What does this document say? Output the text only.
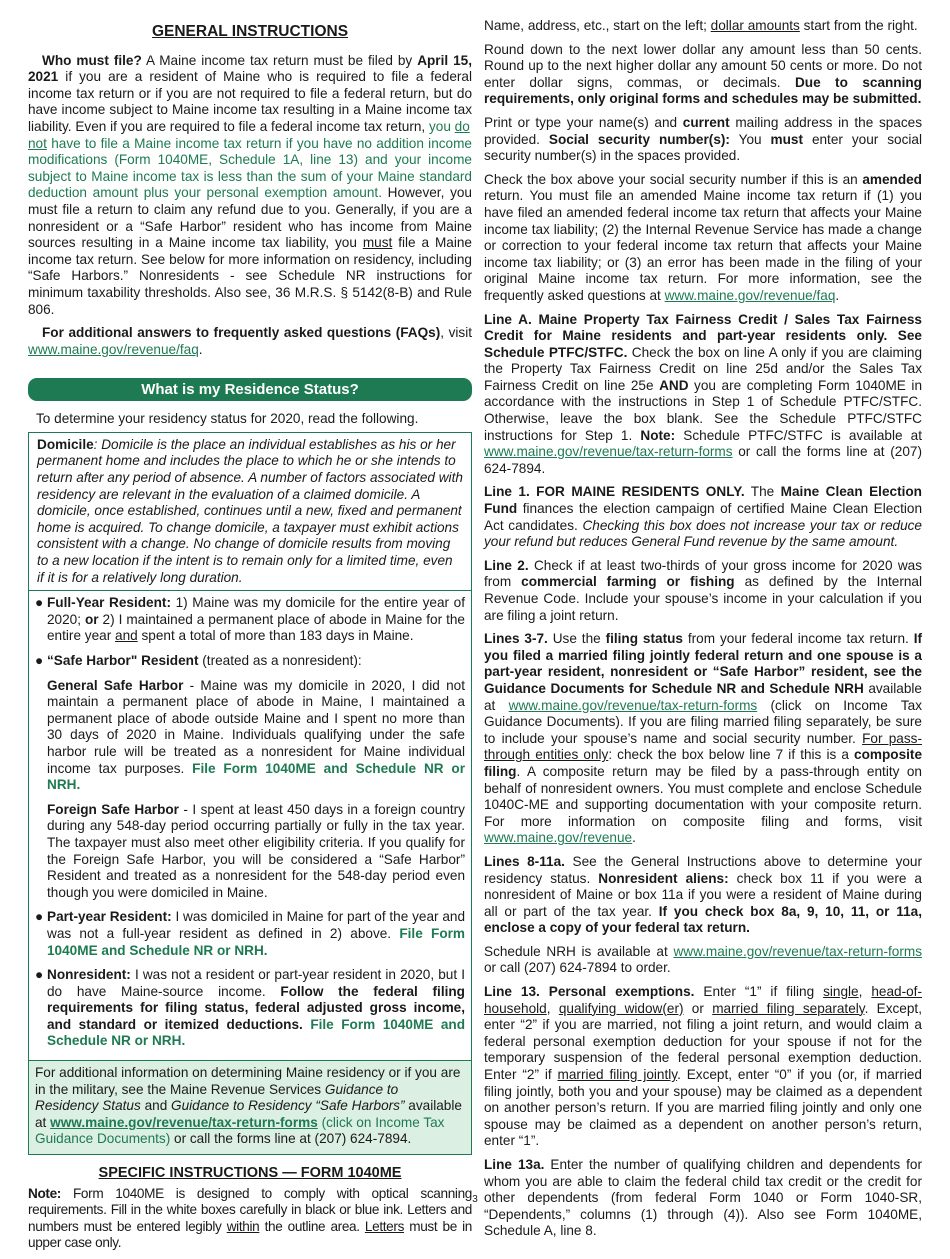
GENERAL INSTRUCTIONS

Who must file? A Maine income tax return must be filed by April 15, 2021 if you are a resident of Maine who is required to file a federal income tax return or if you are not required to file a federal return, but do have income subject to Maine income tax resulting in a Maine income tax liability. Even if you are required to file a federal income tax return, you do
not have to file a Maine income tax return if you have no addition income modifications (Form 1040ME, Schedule 1A, line 13) and your income subject to Maine income tax is less than the sum of your Maine standard deduction amount plus your personal exemption amount. However, you must file a return to claim any refund due to you. Generally, if you are a nonresident or a “Safe Harbor” resident who has income from Maine sources resulting in a Maine income tax liability, you must file a Maine income tax return. See below for more information on residency, including “Safe Harbors.” Nonresidents - see Schedule NR instructions for minimum taxability thresholds. Also see, 36 M.R.S. § 5142(8-B) and Rule 806.

For additional answers to frequently asked questions (FAQs), visit www.maine.gov/revenue/faq.

What is my Residence Status?

To determine your residency status for 2020, read the following.

Domicile: Domicile is the place an individual establishes as his or her permanent home and includes the place to which he or she intends to return after any period of absence. A number of factors associated with residency are relevant in the evaluation of a claimed domicile. A domicile, once established, continues until a new, fixed and permanent home is acquired. To change domicile, a taxpayer must exhibit actions consistent with a change. No change of domicile results from moving to a new location if the intent is to remain only for a limited time, even if it is for a relatively long duration.
● Full-Year Resident: 1) Maine was my domicile for the entire year of 2020; or 2) I maintained a permanent place of abode in Maine for the entire year and spent a total of more than 183 days in Maine.
● “Safe Harbor" Resident (treated as a nonresident):
General Safe Harbor - Maine was my domicile in 2020, I did not maintain a permanent place of abode in Maine, I maintained a permanent place of abode outside Maine and I spent no more than 30 days of 2020 in Maine. Individuals qualifying under the safe harbor rule will be treated as a nonresident for Maine individual income tax purposes. File Form 1040ME and Schedule NR or NRH.
Foreign Safe Harbor - I spent at least 450 days in a foreign country during any 548-day period occurring partially or fully in the tax year. The taxpayer must also meet other eligibility criteria. If you qualify for the Foreign Safe Harbor, you will be considered a “Safe Harbor” Resident and treated as a nonresident for the 548-day period even though you were domiciled in Maine.
● Part-year Resident: I was domiciled in Maine for part of the year and was not a full-year resident as defined in 2) above. File Form 1040ME and Schedule NR or NRH.
● Nonresident: I was not a resident or part-year resident in 2020, but I do have Maine-source income. Follow the federal filing requirements for filing status, federal adjusted gross income, and standard or itemized deductions. File Form 1040ME and Schedule NR or NRH.
For additional information on determining Maine residency or if you are in the military, see the Maine Revenue Services Guidance to Residency Status and Guidance to Residency “Safe Harbors” available at www.maine.gov/revenue/tax-return-forms (click on Income Tax Guidance Documents) or call the forms line at (207) 624-7894.
SPECIFIC INSTRUCTIONS — FORM 1040ME

Note: Form 1040ME is designed to comply with optical scanning requirements. Fill in the white boxes carefully in black or blue ink. Letters and numbers must be entered legibly within the outline area. Letters must be in upper case only.

Name, address, etc., start on the left; dollar amounts start from the right.

Round down to the next lower dollar any amount less than 50 cents. Round up to the next higher dollar any amount 50 cents or more. Do not enter dollar signs, commas, or decimals. Due to scanning requirements, only original forms and schedules may be submitted.

Print or type your name(s) and current mailing address in the spaces provided. Social security number(s): You must enter your social security number(s) in the spaces provided.

Check the box above your social security number if this is an amended return. You must file an amended Maine income tax return if (1) you have filed an amended federal income tax return that affects your Maine income tax liability; (2) the Internal Revenue Service has made a change or correction to your federal income tax return that affects your Maine income tax liability; or (3) an error has been made in the filing of your original Maine income tax return. For more information, see the frequently asked questions at www.maine.gov/revenue/faq.

Line A. Maine Property Tax Fairness Credit / Sales Tax Fairness Credit for Maine residents and part-year residents only. See Schedule PTFC/STFC. Check the box on line A only if you are claiming the Property Tax Fairness Credit on line 25d and/or the Sales Tax Fairness Credit on line 25e AND you are completing Form 1040ME in accordance with the instructions in Step 1 of Schedule PTFC/STFC. Otherwise, leave the box blank. See the Schedule PTFC/STFC instructions for Step 1. Note: Schedule PTFC/STFC is available at www.maine.gov/revenue/tax-return-forms or call the forms line at (207) 624-7894.

Line 1. FOR MAINE RESIDENTS ONLY. The Maine Clean Election Fund finances the election campaign of certified Maine Clean Election Act candidates. Checking this box does not increase your tax or reduce your refund but reduces General Fund revenue by the same amount.

Line 2. Check if at least two-thirds of your gross income for 2020 was from commercial farming or fishing as defined by the Internal Revenue Code. Include your spouse’s income in your calculation if you are filing a joint return.

Lines 3-7. Use the filing status from your federal income tax return. If you filed a married filing jointly federal return and one spouse is a part-year resident, nonresident or “Safe Harbor” resident, see the Guidance Documents for Schedule NR and Schedule NRH available at www.maine.gov/revenue/tax-return-forms (click on Income Tax Guidance Documents). If you are filing married filing separately, be sure to include your spouse’s name and social security number. For pass-through entities only: check the box below line 7 if this is a composite filing. A composite return may be filed by a pass-through entity on behalf of nonresident owners. You must complete and enclose Schedule 1040C-ME and supporting documentation with your composite return. For more information on composite filing and forms, visit www.maine.gov/revenue.

Lines 8-11a. See the General Instructions above to determine your residency status. Nonresident aliens: check box 11 if you were a nonresident of Maine or box 11a if you were a resident of Maine during all or part of the tax year. If you check box 8a, 9, 10, 11, or 11a, enclose a copy of your federal tax return.

Schedule NRH is available at www.maine.gov/revenue/tax-return-forms or call (207) 624-7894 to order.

Line 13. Personal exemptions. Enter “1” if filing single, head-of-household, qualifying widow(er) or married filing separately. Except, enter “2” if you are married, not filing a joint return, and would claim a federal personal exemption deduction for your spouse if not for the temporary suspension of the federal personal exemption deduction. Enter “2” if married filing jointly. Except, enter “0” if you (or, if married filing jointly, both you and your spouse) may be claimed as a dependent on another person’s return. If you are married filing jointly and only one spouse may be claimed as a dependent on another person’s return, enter “1”.

Line 13a. Enter the number of qualifying children and dependents for whom you are able to claim the federal child tax credit or the credit for other dependents (from federal Form 1040 or Form 1040-SR, “Dependents,” columns (1) through (4)). Also see Form 1040ME, Schedule A, line 8.

3
